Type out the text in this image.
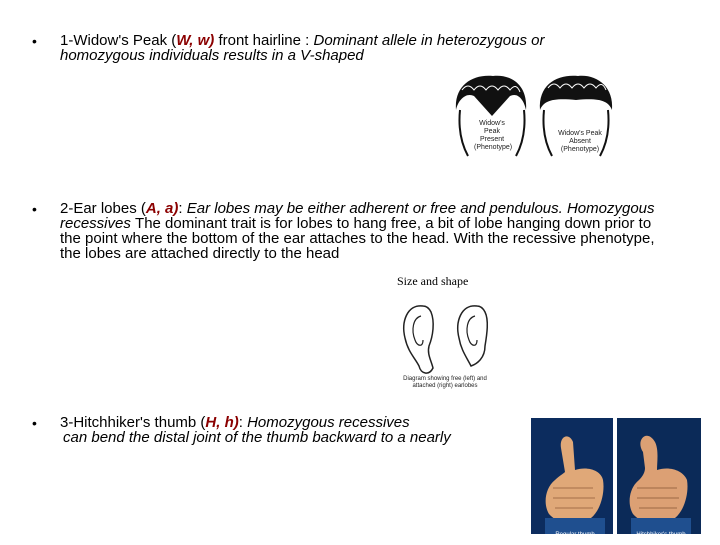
• 1-Widow's Peak (W, w) front hairline : Dominant allele in heterozygous or
homozygous individuals results in a V-shaped
Widow's Peak Present (Phenotype)
Widow's Peak Absent (Phenotype)
• 2-Ear lobes (A, a): Ear lobes may be either adherent or free and pendulous. Homozygous recessives The dominant trait is for lobes to hang free, a bit of lobe hanging down prior to the point where the bottom of the ear attaches to the head. With the recessive phenotype, the lobes are attached directly to the head
Size and shape
Diagram showing free (left) and attached (right) earlobes
• 3-Hitchhiker's thumb (H, h): Homozygous recessives
can bend the distal joint of the thumb backward to a nearly
Regular thumb	Hitchhiker's thumb
